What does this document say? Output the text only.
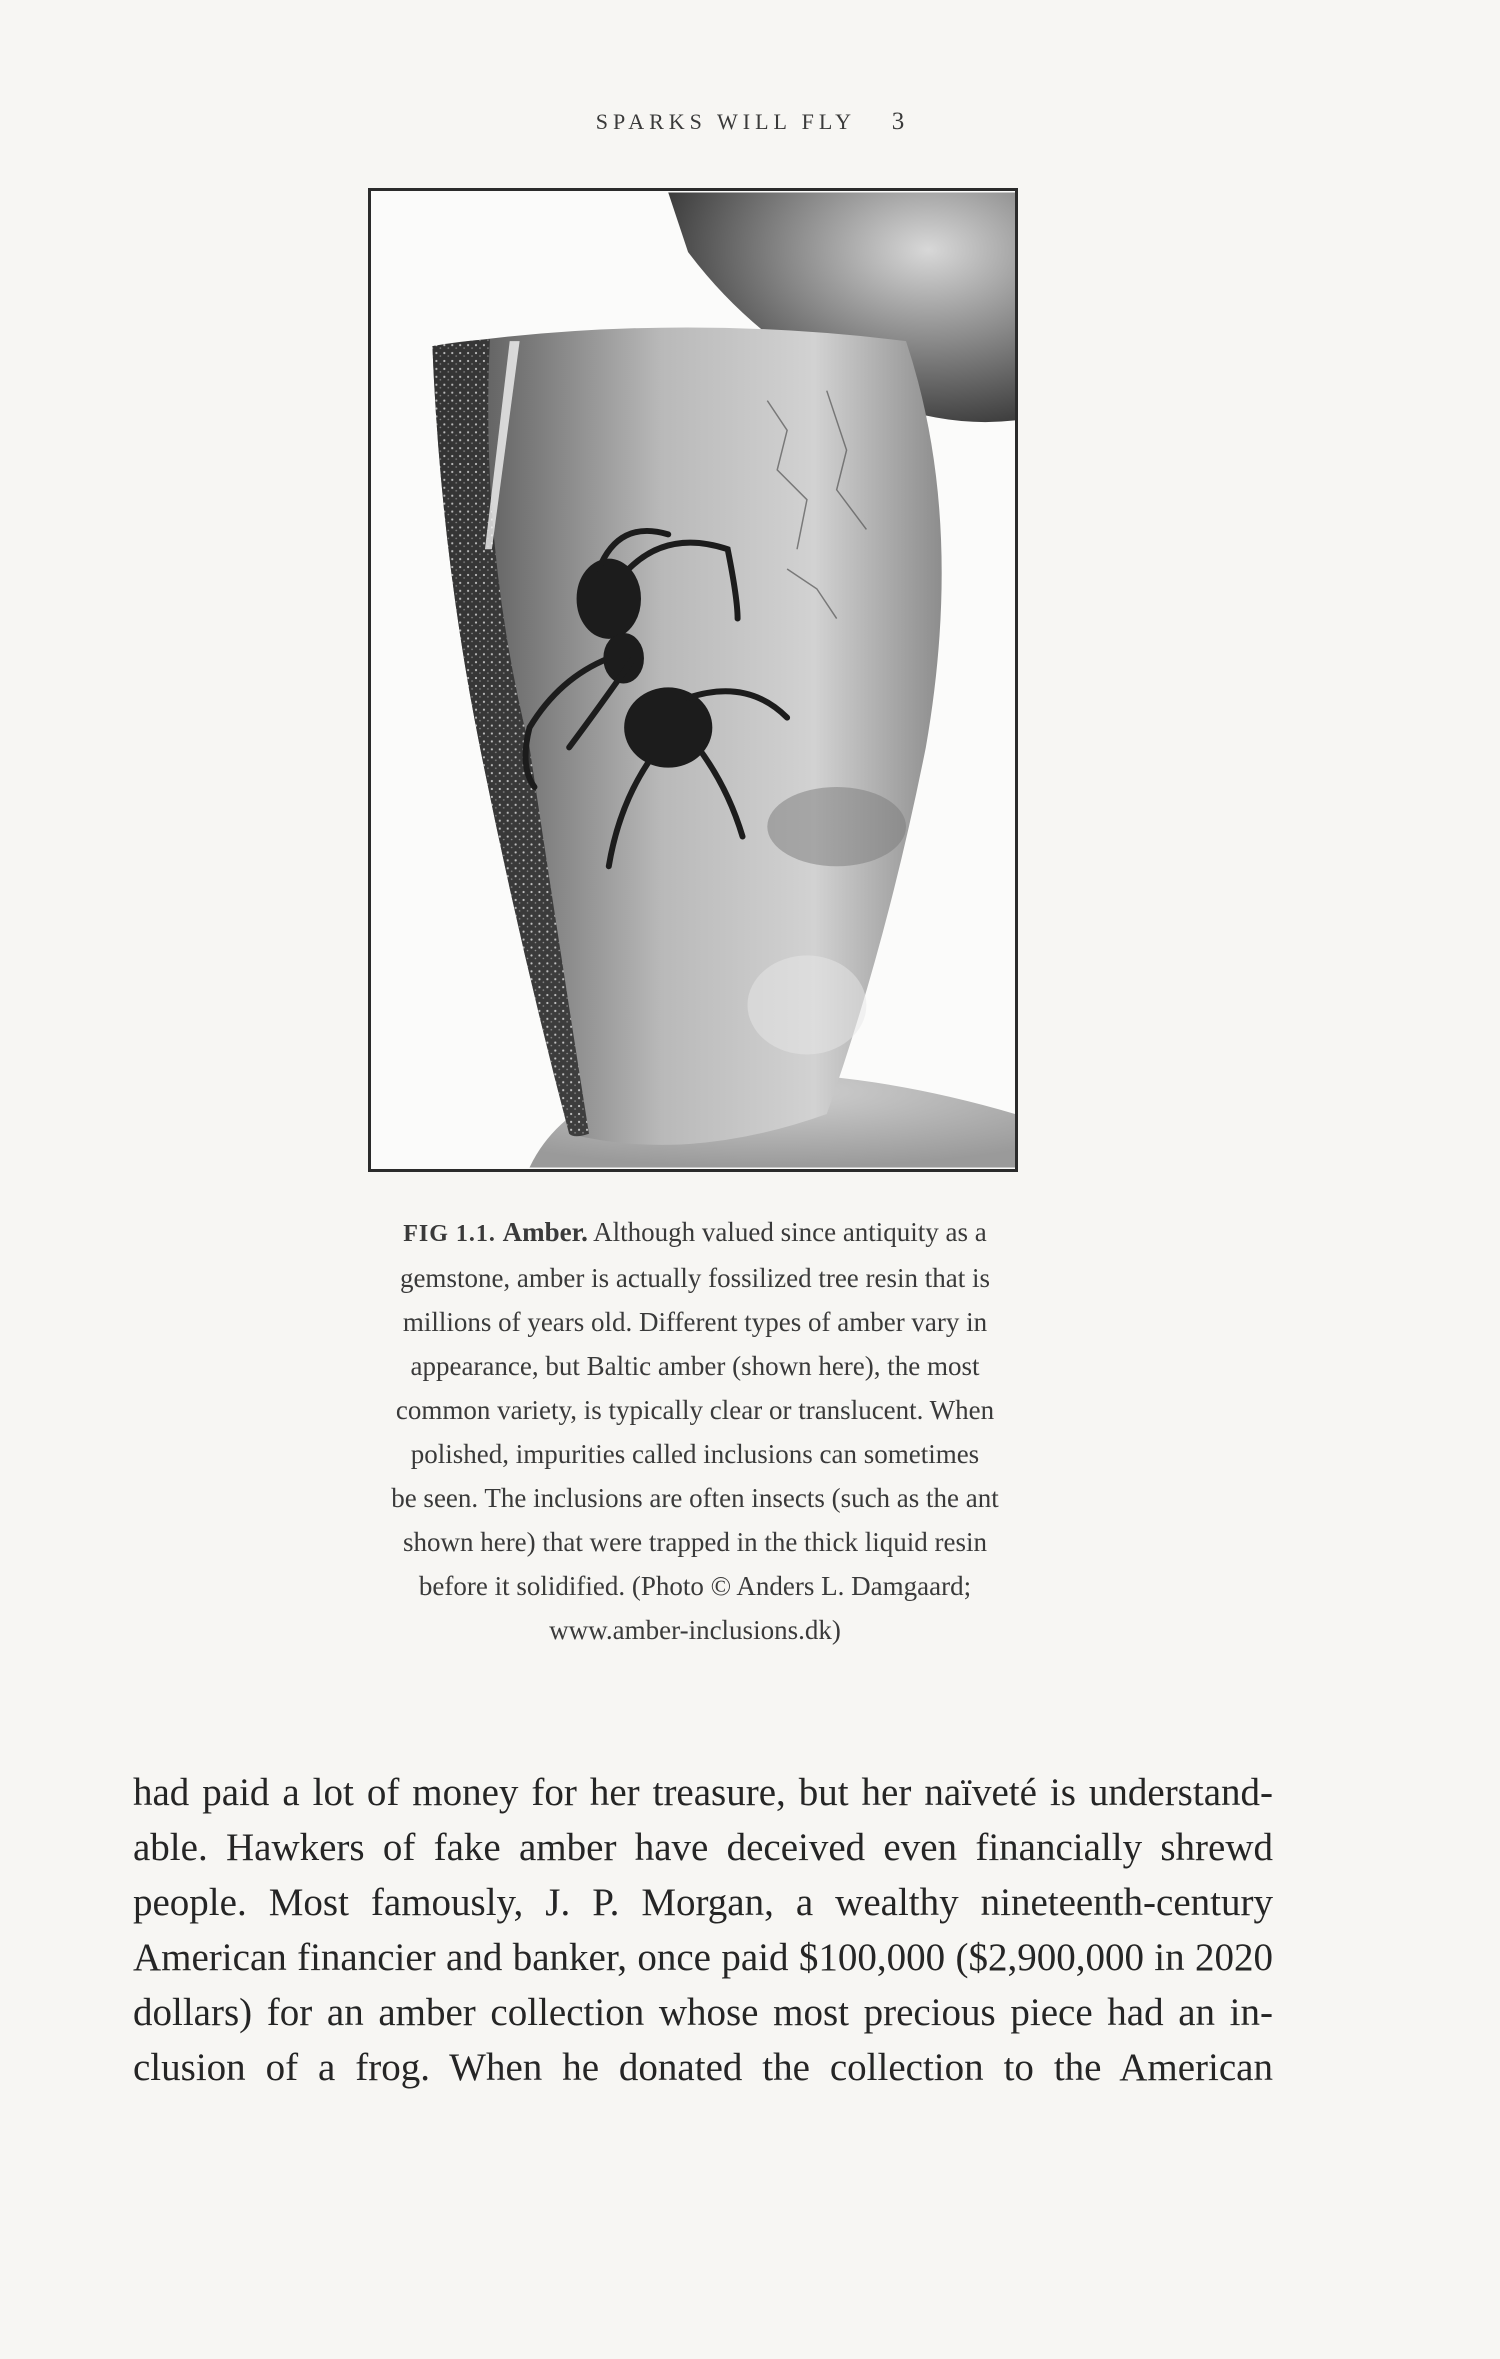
SPARKS WILL FLY 3
FIG 1.1. Amber. Although valued since antiquity as a
gemstone, amber is actually fossilized tree resin that is
millions of years old. Different types of amber vary in
appearance, but Baltic amber (shown here), the most
common variety, is typically clear or translucent. When
polished, impurities called inclusions can sometimes
be seen. The inclusions are often insects (such as the ant
shown here) that were trapped in the thick liquid resin
before it solidified. (Photo © Anders L. Damgaard;
www.amber-inclusions.dk)
had paid a lot of money for her treasure, but her naïveté is understand-
able. Hawkers of fake amber have deceived even financially shrewd
people. Most famously, J. P. Morgan, a wealthy nineteenth-century
American financier and banker, once paid $100,000 ($2,900,000 in 2020
dollars) for an amber collection whose most precious piece had an in-
clusion of a frog. When he donated the collection to the American
